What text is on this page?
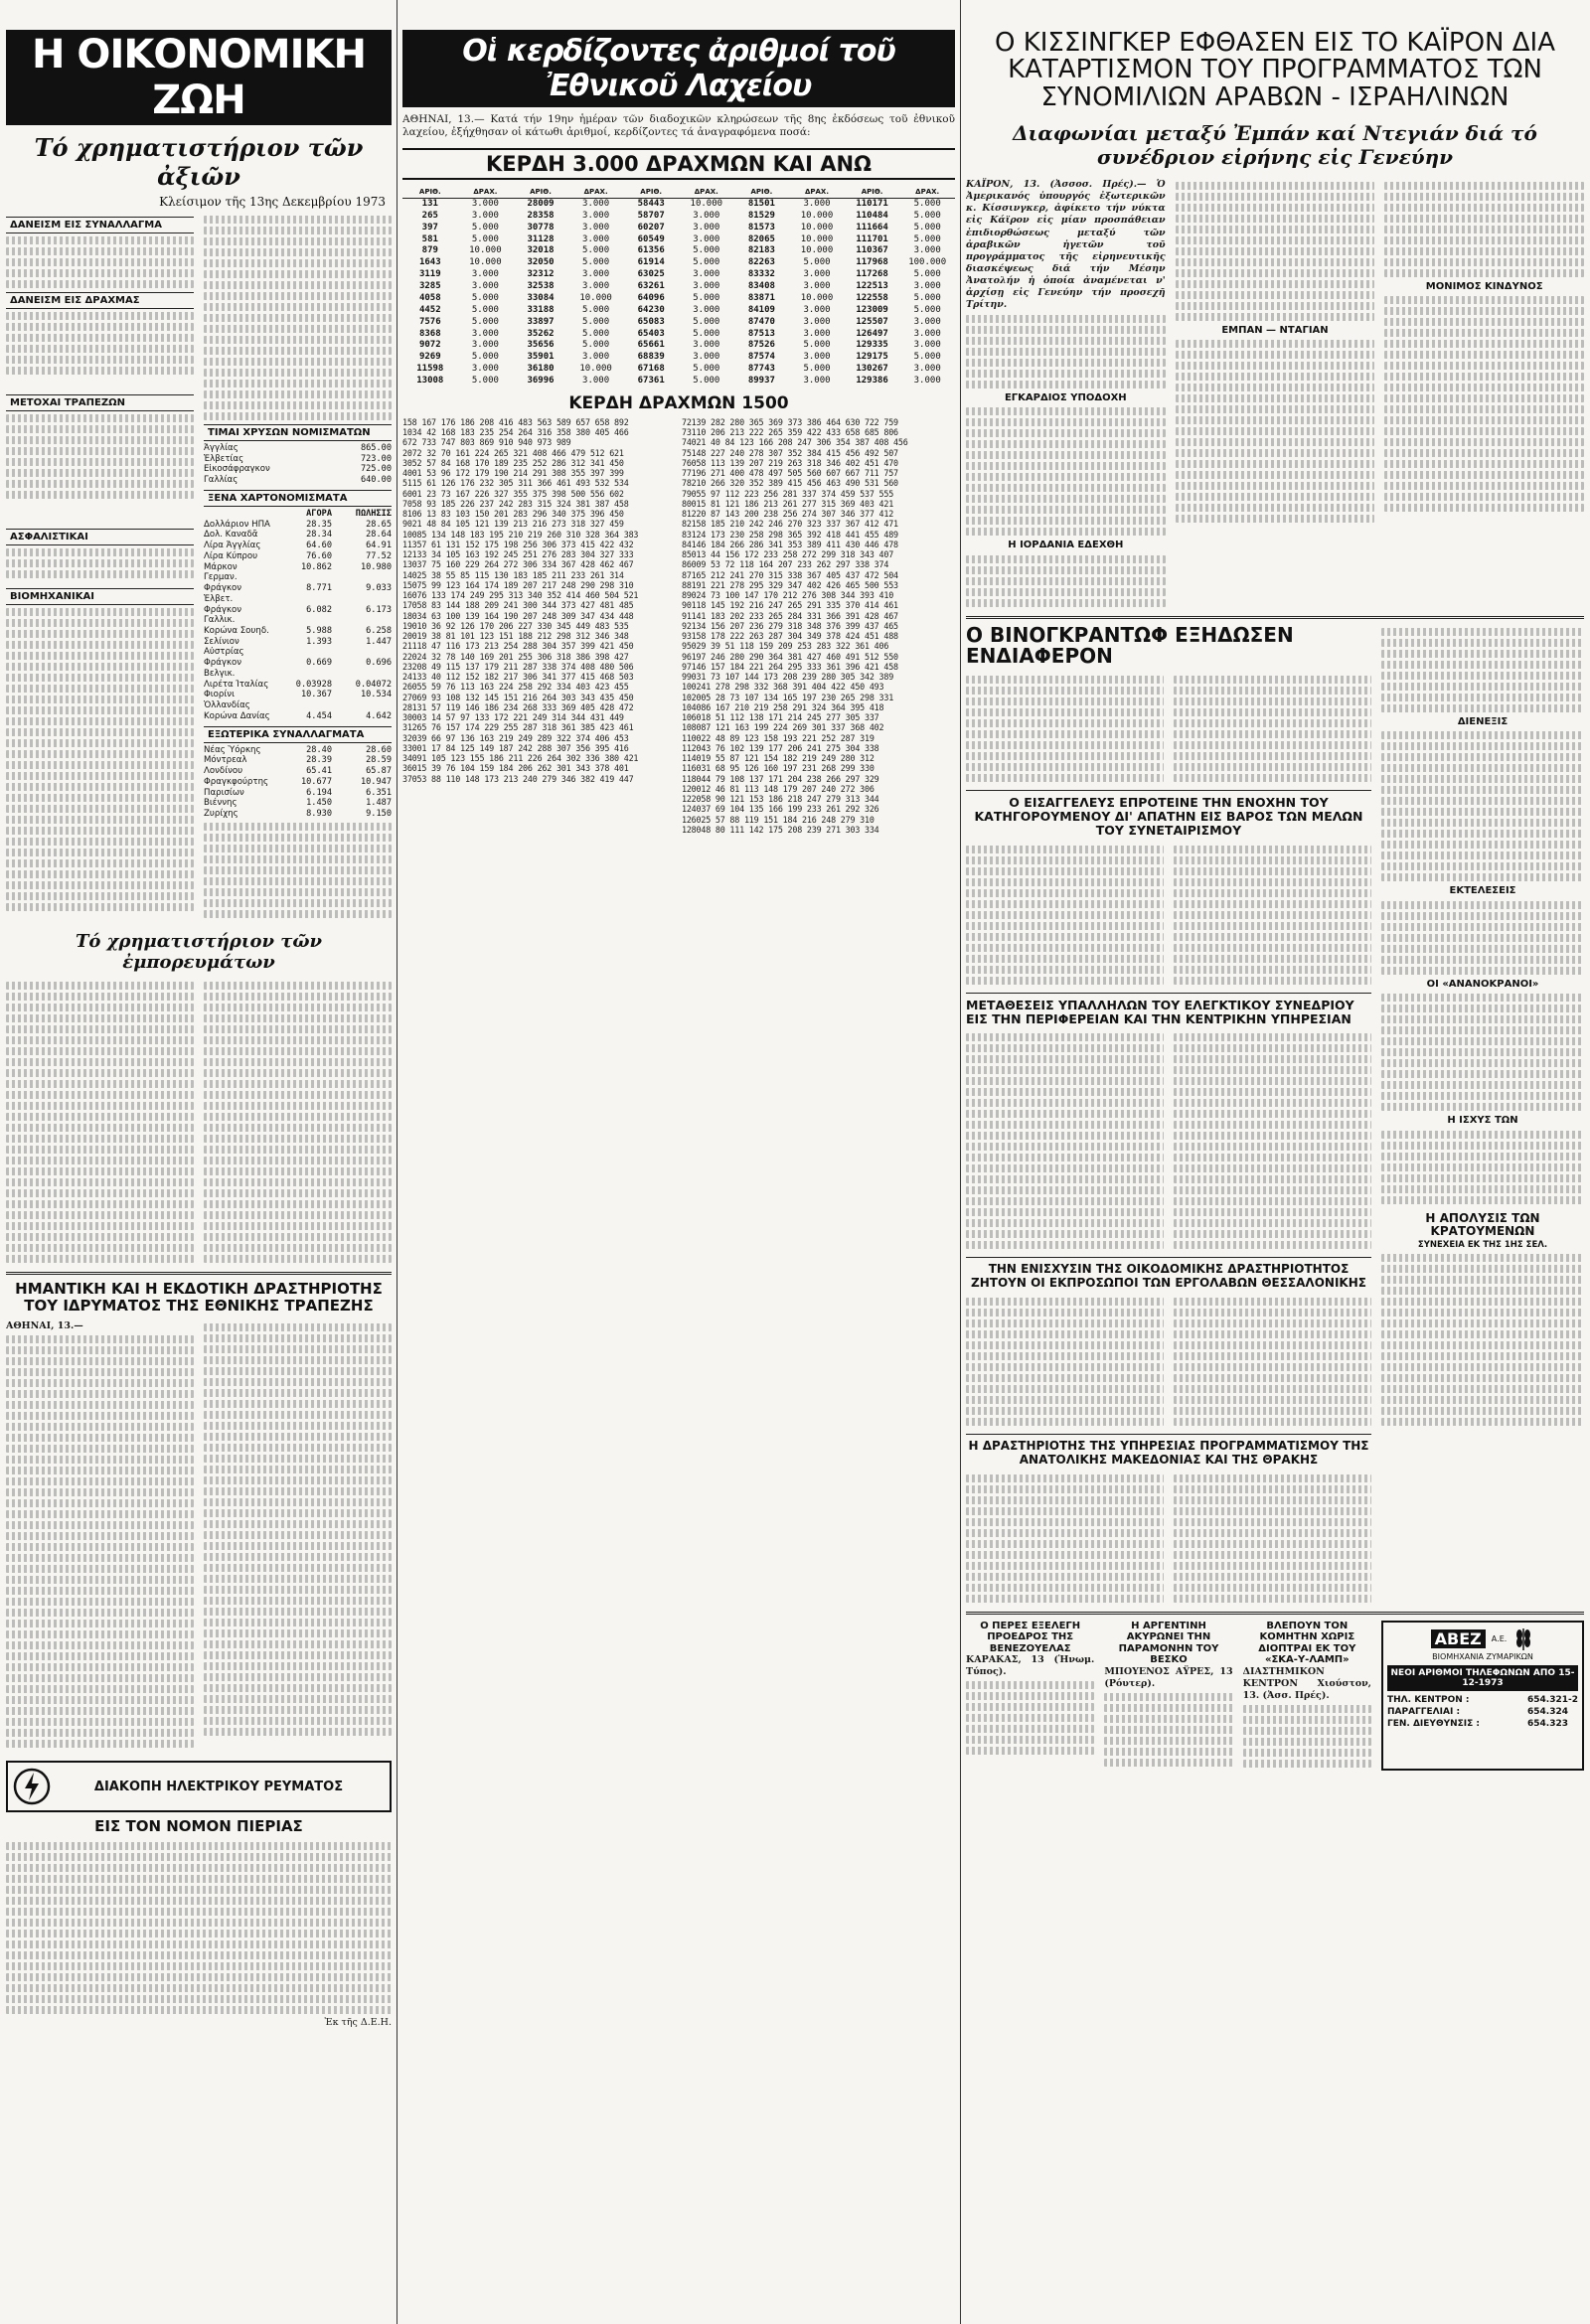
Η ΟΙΚΟΝΟΜΙΚΗ ΖΩΗ
Τό χρηματιστήριον τῶν ἀξιῶν
Κλείσιμον τῆς 13ης Δεκεμβρίου 1973
ΔΑΝΕΙΣΜ ΕΙΣ ΣΥΝΑΛΛΑΓΜΑ
ΔΑΝΕΙΣΜ ΕΙΣ ΔΡΑΧΜΑΣ
ΜΕΤΟΧΑΙ ΤΡΑΠΕΖΩΝ
ΑΣΦΑΛΙΣΤΙΚΑΙ
ΒΙΟΜΗΧΑΝΙΚΑΙ
ΤΙΜΑΙ ΧΡΥΣΩΝ ΝΟΜΙΣΜΑΤΩΝ
Ἀγγλίας	865.00
Ἐλβετίας	723.00
Εἰκοσάφραγκον	725.00
Γαλλίας	640.00
ΞΕΝΑ ΧΑΡΤΟΝΟΜΙΣΜΑΤΑ
ΑΓΟΡΑ	ΠΩΛΗΣΙΣ
Δολλάριον ΗΠΑ	28.35	28.65
Δολ. Καναδᾶ	28.34	28.64
Λίρα Ἀγγλίας	64.60	64.91
Λίρα Κύπρου	76.60	77.52
Μάρκον Γερμαν.
10.862	10.980
Φράγκον Ἑλβετ.
8.771	9.033
Φράγκον Γαλλικ.
6.082	6.173
Κορώνα Σουηδ.	5.988	6.258
Σελίνιον Αὐστρίας
1.393	1.447
Φράγκον Βελγικ.
0.669	0.696
Λιρέτα Ἰταλίας	0.03928	0.04072
Φιορίνι Ὁλλανδίας
10.367	10.534
Κορώνα Δανίας	4.454	4.642
ΕΞΩΤΕΡΙΚΑ ΣΥΝΑΛΛΑΓΜΑΤΑ
Νέας Ὑόρκης	28.40	28.60
Μόντρεαλ	28.39	28.59
Λονδίνου	65.41	65.87
Φραγκφούρτης	10.677	10.947
Παρισίων	6.194	6.351
Βιέννης	1.450	1.487
Ζυρίχης	8.930	9.150
Τό χρηματιστήριον τῶν ἐμπορευμάτων
ΗΜΑΝΤΙΚΗ ΚΑΙ Η ΕΚΔΟΤΙΚΗ ΔΡΑΣΤΗΡΙΟΤΗΣ ΤΟΥ ΙΔΡΥΜΑΤΟΣ ΤΗΣ ΕΘΝΙΚΗΣ ΤΡΑΠΕΖΗΣ
ΑΘΗΝΑΙ, 13.—
ΔΙΑΚΟΠΗ ΗΛΕΚΤΡΙΚΟΥ ΡΕΥΜΑΤΟΣ
ΕΙΣ ΤΟΝ ΝΟΜΟΝ ΠΙΕΡΙΑΣ
Ἐκ τῆς Δ.Ε.Η.
Οἱ κερδίζοντες ἀριθμοί τοῦ Ἐθνικοῦ Λαχείου
ΑΘΗΝΑΙ, 13.— Κατά τήν 19ην ἡμέραν τῶν διαδοχικῶν κληρώσεων τῆς 8ης ἐκδόσεως τοῦ ἐθνικοῦ λαχείου, ἐξήχθησαν οἱ κάτωθι ἀριθμοί, κερδίζοντες τά ἀναγραφόμενα ποσά:
ΚΕΡΔΗ 3.000 ΔΡΑΧΜΩΝ ΚΑΙ ΑΝΩ
ΑΡΙΘ.	ΔΡΑΧ.	ΑΡΙΘ.	ΔΡΑΧ.	ΑΡΙΘ.	ΔΡΑΧ.	ΑΡΙΘ.	ΔΡΑΧ.	ΑΡΙΘ.	ΔΡΑΧ.
131	3.000	28009	3.000	58443	10.000	81501	3.000	110171	5.000
265	3.000	28358	3.000	58707	3.000	81529	10.000	110484	5.000
397	5.000	30778	3.000	60207	3.000	81573	10.000	111664	5.000
581	5.000	31128	3.000	60549	3.000	82065	10.000	111701	5.000
879	10.000	32018	5.000	61356	5.000	82183	10.000	110367	3.000
1643	10.000	32050	5.000	61914	5.000	82263	5.000	117968	100.000
3119	3.000	32312	3.000	63025	3.000	83332	3.000	117268	5.000
3285	3.000	32538	3.000	63261	3.000	83408	3.000	122513	3.000
4058	5.000	33084	10.000	64096	5.000	83871	10.000	122558	5.000
4452	5.000	33188	5.000	64230	3.000	84109	3.000	123009	5.000
7576	5.000	33897	5.000	65083	5.000	87470	3.000	125507	3.000
8368	3.000	35262	5.000	65403	5.000	87513	3.000	126497	3.000
9072	3.000	35656	5.000	65661	3.000	87526	5.000	129335	3.000
9269	5.000	35901	3.000	68839	3.000	87574	3.000	129175	5.000
11598	3.000	36180	10.000	67168	5.000	87743	5.000	130267	3.000
13008	5.000	36996	3.000	67361	5.000	89937	3.000	129386	3.000
ΚΕΡΔΗ ΔΡΑΧΜΩΝ 1500
158 167 176 186 208 416 483 563 589 657 658 892
1034 42 168 183 235 254 264 316 358 380 405 466
672 733 747 803 869 910 940 973 989
2072 32 70 161 224 265 321 408 466 479 512 621
3052 57 84 168 170 189 235 252 286 312 341 450
4001 53 96 172 179 190 214 291 308 355 397 399
5115 61 126 176 232 305 311 366 461 493 532 534
6001 23 73 167 226 327 355 375 398 500 556 602
7058 93 185 226 237 242 283 315 324 381 387 458
8106 13 83 103 150 201 283 296 340 375 396 450
9021 48 84 105 121 139 213 216 273 318 327 459
10085 134 148 183 195 210 219 260 310 328 364 383
11357 61 131 152 175 198 256 306 373 415 422 432
12133 34 105 163 192 245 251 276 283 304 327 333
13037 75 160 229 264 272 306 334 367 428 462 467
14025 38 55 85 115 130 183 185 211 233 261 314
15075 99 123 164 174 189 207 217 248 290 298 310
16076 133 174 249 295 313 340 352 414 460 504 521
17058 83 144 188 209 241 300 344 373 427 481 485
18034 63 100 139 164 190 207 248 309 347 434 448
19010 36 92 126 170 206 227 330 345 449 483 535
20019 38 81 101 123 151 188 212 298 312 346 348
21118 47 116 173 213 254 288 304 357 399 421 450
22024 32 78 140 169 201 255 306 318 386 398 427
23208 49 115 137 179 211 287 338 374 408 480 506
24133 40 112 152 182 217 306 341 377 415 468 503
26055 59 76 113 163 224 258 292 334 403 423 455
27069 93 108 132 145 151 216 264 303 343 435 450
28131 57 119 146 186 234 268 333 369 405 428 472
30003 14 57 97 133 172 221 249 314 344 431 449
31265 76 157 174 229 255 287 318 361 385 423 461
32039 66 97 136 163 219 249 289 322 374 406 453
33001 17 84 125 149 187 242 288 307 356 395 416
34091 105 123 155 186 211 226 264 302 336 380 421
36015 39 76 104 159 184 206 262 301 343 378 401
37053 88 110 148 173 213 240 279 346 382 419 447
72139 282 280 365 369 373 386 464 630 722 759
73110 206 213 222 265 359 422 433 658 685 806
74021 40 84 123 166 208 247 306 354 387 408 456
75148 227 240 278 307 352 384 415 456 492 507
76058 113 139 207 219 263 318 346 402 451 470
77196 271 400 478 497 505 560 607 667 711 757
78210 266 320 352 389 415 456 463 490 531 560
79055 97 112 223 256 281 337 374 459 537 555
80015 81 121 186 213 261 277 315 369 403 421
81220 87 143 200 238 256 274 307 346 377 412
82158 185 210 242 246 270 323 337 367 412 471
83124 173 230 258 298 365 392 418 441 455 489
84146 184 266 286 341 353 389 411 430 446 478
85013 44 156 172 233 258 272 299 318 343 407
86009 53 72 118 164 207 233 262 297 338 374
87165 212 241 270 315 338 367 405 437 472 504
88191 221 278 295 329 347 402 426 465 500 553
89024 73 100 147 170 212 276 308 344 393 410
90118 145 192 216 247 265 291 335 370 414 461
91141 183 202 233 265 284 331 366 391 428 467
92134 156 207 236 279 318 348 376 399 437 465
93158 178 222 263 287 304 349 378 424 451 488
95029 39 51 118 159 209 253 283 322 361 406
96197 246 280 290 364 381 427 460 491 512 550
97146 157 184 221 264 295 333 361 396 421 458
99031 73 107 144 173 208 239 280 305 342 389
100241 278 298 332 368 391 404 422 450 493
102005 28 73 107 134 165 197 230 265 298 331
104086 167 210 219 258 291 324 364 395 418
106018 51 112 138 171 214 245 277 305 337
108087 121 163 199 224 269 301 337 368 402
110022 48 89 123 158 193 221 252 287 319
112043 76 102 139 177 206 241 275 304 338
114019 55 87 121 154 182 219 249 280 312
116031 68 95 126 160 197 231 268 299 330
118044 79 108 137 171 204 238 266 297 329
120012 46 81 113 148 179 207 240 272 306
122058 90 121 153 186 218 247 279 313 344
124037 69 104 135 166 199 233 261 292 326
126025 57 88 119 151 184 216 248 279 310
128048 80 111 142 175 208 239 271 303 334
Ο ΚΙΣΣΙΝΓΚΕΡ ΕΦΘΑΣΕΝ ΕΙΣ ΤΟ ΚΑΪΡΟΝ ΔΙΑ ΚΑΤΑΡΤΙΣΜΟΝ ΤΟΥ ΠΡΟΓΡΑΜΜΑΤΟΣ ΤΩΝ ΣΥΝΟΜΙΛΙΩΝ ΑΡΑΒΩΝ - ΙΣΡΑΗΛΙΝΩΝ
Διαφωνίαι μεταξύ Ἐμπάν καί Ντεγιάν διά τό συνέδριον εἰρήνης εἰς Γενεύην
ΚΑΪΡΟΝ, 13. (Ἀσσοσ. Πρές).— Ὁ Ἀμερικανός ὑπουργός ἐξωτερικῶν κ. Κίσσινγκερ, ἀφίκετο τήν νύκτα εἰς Κάϊρον εἰς μίαν προσπάθειαν ἐπιδιορθώσεως μεταξύ τῶν ἀραβικῶν ἡγετῶν τοῦ προγράμματος τῆς εἰρηνευτικῆς διασκέψεως διά τήν Μέσην Ἀνατολήν ἡ ὁποία ἀναμένεται ν' ἀρχίσῃ εἰς Γενεύην τήν προσεχῆ Τρίτην.
ΕΓΚΑΡΔΙΟΣ ΥΠΟΔΟΧΗ
Η ΙΟΡΔΑΝΙΑ ΕΔΕΧΘΗ
ΕΜΠΑΝ — ΝΤΑΓΙΑΝ
ΜΟΝΙΜΟΣ ΚΙΝΔΥΝΟΣ
Ο ΒΙΝΟΓΚΡΑΝΤΩΦ ΕΞΗΔΩΣΕΝ ΕΝΔΙΑΦΕΡΟΝ
Ο ΕΙΣΑΓΓΕΛΕΥΣ ΕΠΡΟΤΕΙΝΕ ΤΗΝ ΕΝΟΧΗΝ ΤΟΥ ΚΑΤΗΓΟΡΟΥΜΕΝΟΥ ΔΙ' ΑΠΑΤΗΝ ΕΙΣ ΒΑΡΟΣ ΤΩΝ ΜΕΛΩΝ ΤΟΥ ΣΥΝΕΤΑΙΡΙΣΜΟΥ
ΜΕΤΑΘΕΣΕΙΣ ΥΠΑΛΛΗΛΩΝ ΤΟΥ ΕΛΕΓΚΤΙΚΟΥ ΣΥΝΕΔΡΙΟΥ ΕΙΣ ΤΗΝ ΠΕΡΙΦΕΡΕΙΑΝ ΚΑΙ ΤΗΝ ΚΕΝΤΡΙΚΗΝ ΥΠΗΡΕΣΙΑΝ
ΤΗΝ ΕΝΙΣΧΥΣΙΝ ΤΗΣ ΟΙΚΟΔΟΜΙΚΗΣ ΔΡΑΣΤΗΡΙΟΤΗΤΟΣ ΖΗΤΟΥΝ ΟΙ ΕΚΠΡΟΣΩΠΟΙ ΤΩΝ ΕΡΓΟΛΑΒΩΝ ΘΕΣΣΑΛΟΝΙΚΗΣ
Η ΔΡΑΣΤΗΡΙΟΤΗΣ ΤΗΣ ΥΠΗΡΕΣΙΑΣ ΠΡΟΓΡΑΜΜΑΤΙΣΜΟΥ ΤΗΣ ΑΝΑΤΟΛΙΚΗΣ ΜΑΚΕΔΟΝΙΑΣ ΚΑΙ ΤΗΣ ΘΡΑΚΗΣ
ΔΙΕΝΕΞΙΣ
ΕΚΤΕΛΕΣΕΙΣ
ΟΙ «ΑΝΑΝΟΚΡΑΝΟΙ»
Η ΙΣΧΥΣ ΤΩΝ
Η ΑΠΟΛΥΣΙΣ ΤΩΝ ΚΡΑΤΟΥΜΕΝΩΝ
ΣΥΝΕΧΕΙΑ ΕΚ ΤΗΣ 1ΗΣ ΣΕΛ.
Ο ΠΕΡΕΣ ΕΞΕΛΕΓΗ ΠΡΟΕΔΡΟΣ ΤΗΣ ΒΕΝΕΖΟΥΕΛΑΣ
ΚΑΡΑΚΑΣ, 13 (Ἡνωμ. Τύπος).
Η ΑΡΓΕΝΤΙΝΗ ΑΚΥΡΩΝΕΙ ΤΗΝ ΠΑΡΑΜΟΝΗΝ ΤΟΥ ΒΕΣΚΟ
ΜΠΟΥΕΝΟΣ ΑΫΡΕΣ, 13 (Ρόυτερ).
ΒΛΕΠΟΥΝ ΤΟΝ ΚΟΜΗΤΗΝ ΧΩΡΙΣ ΔΙΟΠΤΡΑΙ ΕΚ ΤΟΥ «ΣΚΑ-Υ-ΛΑΜΠ»
ΔΙΑΣΤΗΜΙΚΟΝ ΚΕΝΤΡΟΝ Χιούστον, 13. (Ἀσσ. Πρές).
ΑΒΕΖ	Α.Ε.
ΒΙΟΜΗΧΑΝΙΑ ΖΥΜΑΡΙΚΩΝ
ΝΕΟΙ ΑΡΙΘΜΟΙ ΤΗΛΕΦΩΝΩΝ ΑΠΟ 15-12-1973
ΤΗΛ. ΚΕΝΤΡΟΝ :	654.321-2
ΠΑΡΑΓΓΕΛΙΑΙ :	654.324
ΓΕΝ. ΔΙΕΥΘΥΝΣΙΣ :	654.323
